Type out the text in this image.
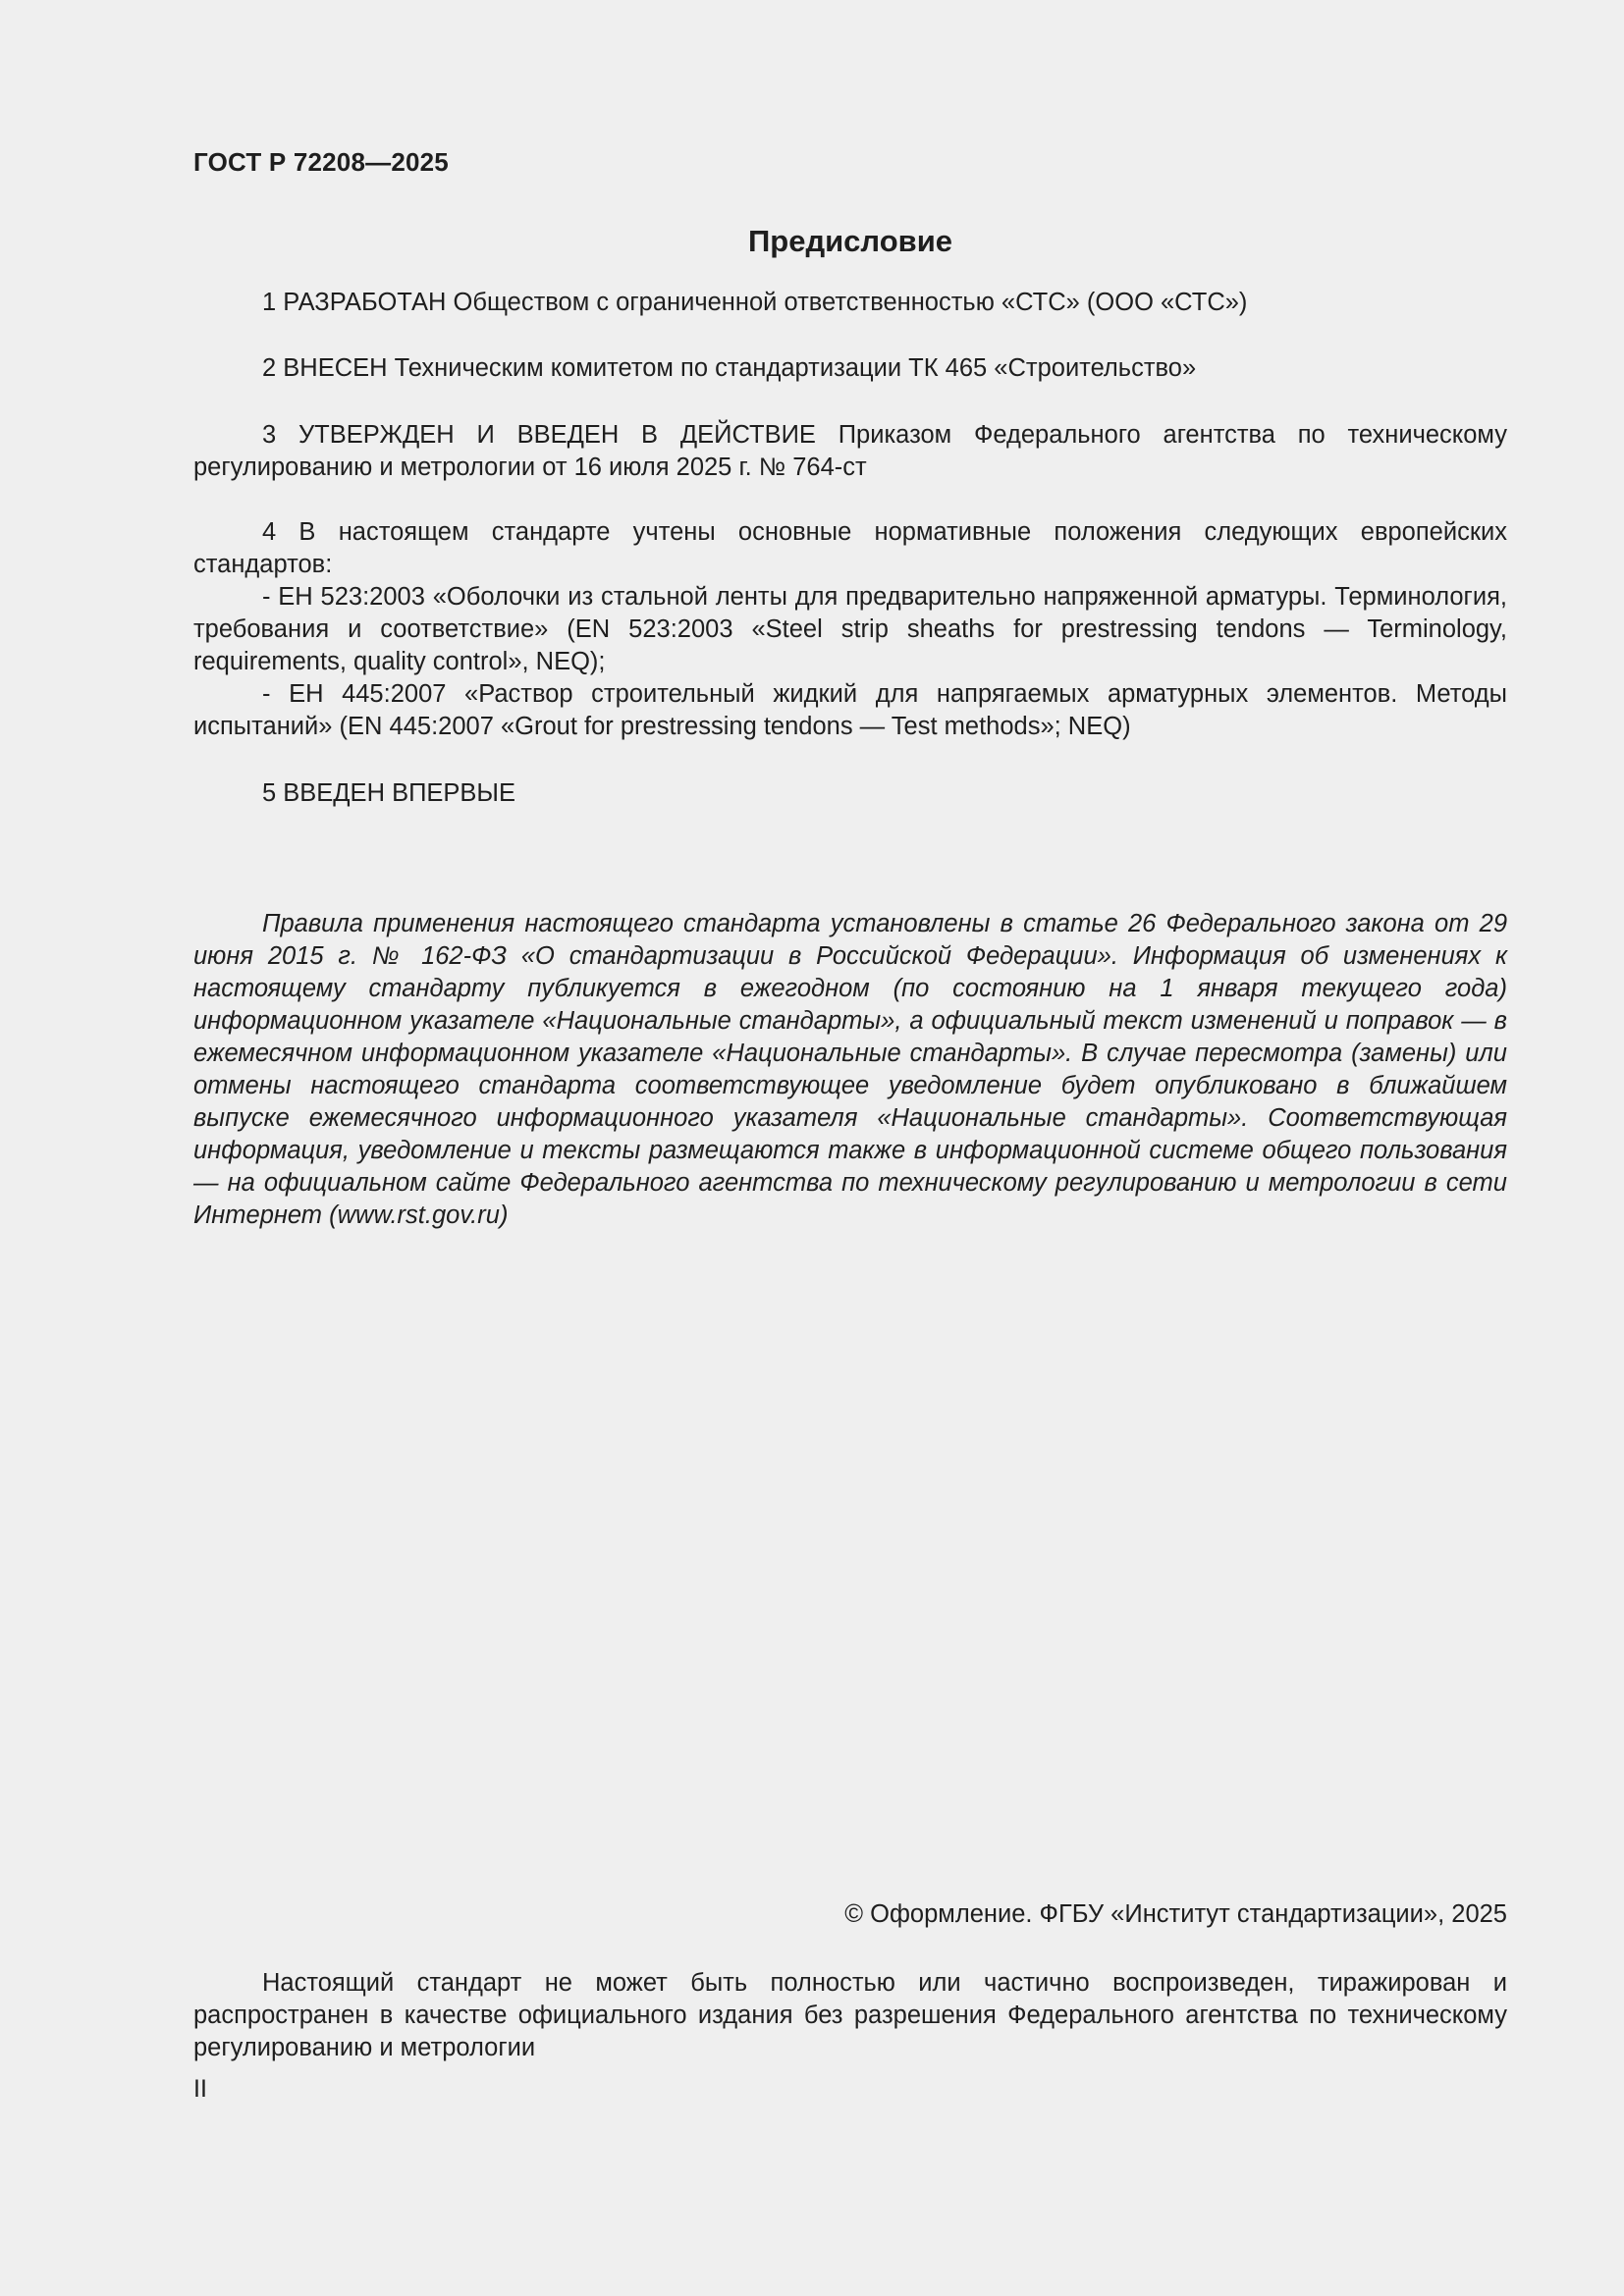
ГОСТ Р 72208—2025
Предисловие

1 РАЗРАБОТАН Обществом с ограниченной ответственностью «СТС» (ООО «СТС»)

2 ВНЕСЕН Техническим комитетом по стандартизации ТК 465 «Строительство»

3 УТВЕРЖДЕН И ВВЕДЕН В ДЕЙСТВИЕ Приказом Федерального агентства по техническому регулированию и метрологии от 16 июля 2025 г. № 764-ст

4 В настоящем стандарте учтены основные нормативные положения следующих европейских стандартов:

- ЕН 523:2003 «Оболочки из стальной ленты для предварительно напряженной арматуры. Терминология, требования и соответствие» (EN 523:2003 «Steel strip sheaths for prestressing tendons — Terminology, requirements, quality control», NEQ);

- ЕН 445:2007 «Раствор строительный жидкий для напрягаемых арматурных элементов. Методы испытаний» (EN 445:2007 «Grout for prestressing tendons — Test methods»; NEQ)

5 ВВЕДЕН ВПЕРВЫЕ

Правила применения настоящего стандарта установлены в статье 26 Федерального закона от 29 июня 2015 г. № 162-ФЗ «О стандартизации в Российской Федерации». Информация об изменениях к настоящему стандарту публикуется в ежегодном (по состоянию на 1 января текущего года) информационном указателе «Национальные стандарты», а официальный текст изменений и поправок — в ежемесячном информационном указателе «Национальные стандарты». В случае пересмотра (замены) или отмены настоящего стандарта соответствующее уведомление будет опубликовано в ближайшем выпуске ежемесячного информационного указателя «Национальные стандарты». Соответствующая информация, уведомление и тексты размещаются также в информационной системе общего пользования — на официальном сайте Федерального агентства по техническому регулированию и метрологии в сети Интернет (www.rst.gov.ru)

© Оформление. ФГБУ «Институт стандартизации», 2025

Настоящий стандарт не может быть полностью или частично воспроизведен, тиражирован и распространен в качестве официального издания без разрешения Федерального агентства по техническому регулированию и метрологии

II
